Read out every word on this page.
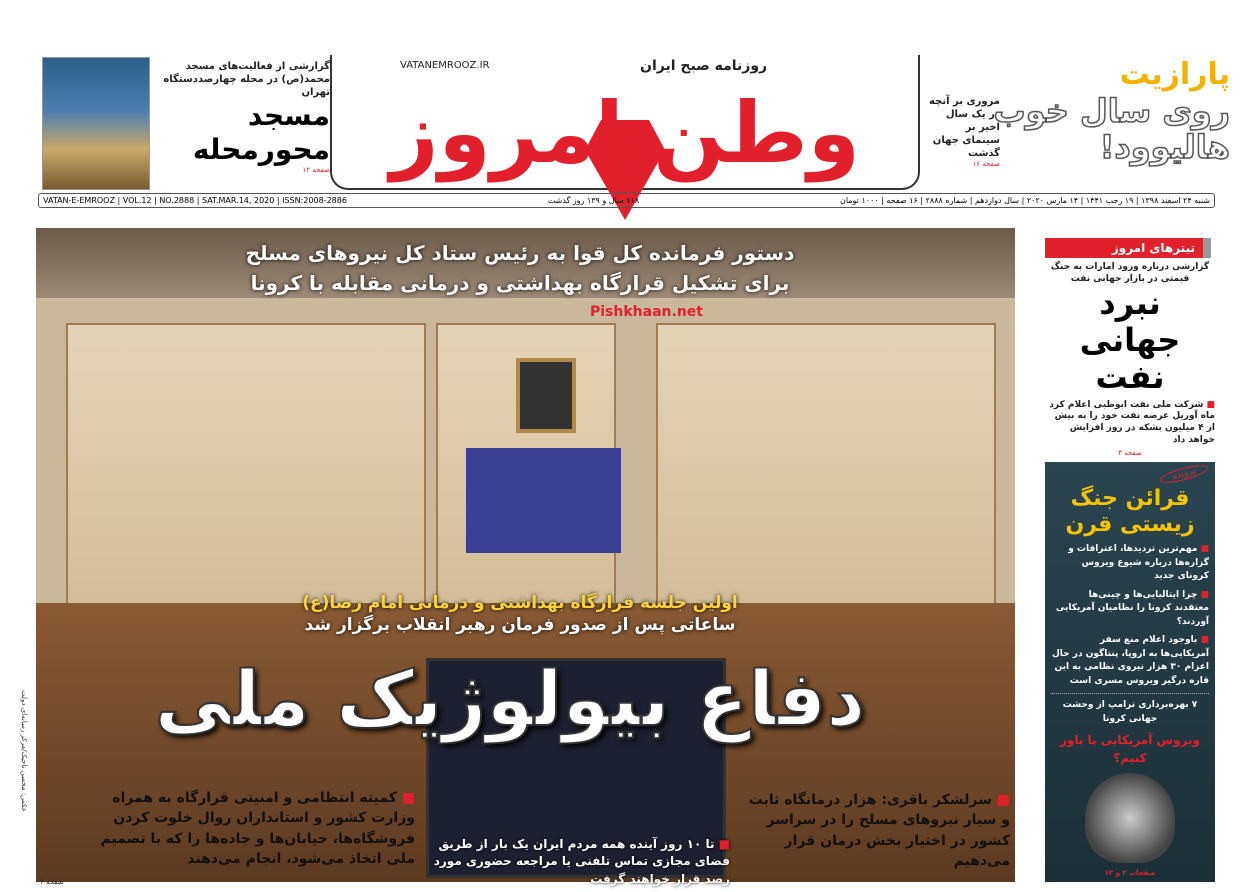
گزارشی از فعالیت‌های مسجد محمد(ص) در محله چهارصددستگاه تهران
مسجد
محورمحله
صفحه ۱۲ وطن امروز
روزنامه صبح ایران
VATANEMROOZ.IR
مروری بر آنچه در یک سال اخیر بر سینمای جهان گذشت
صفحه ۱۶
پارازیت
روی سال خوب
هالیوود!
شنبه ۲۴ اسفند ۱۳۹۸ | ۱۹ رجب ۱۴۴۱ | ۱۴ مارس ۲۰۲۰ | سال دوازدهم | شماره ۲۸۸۸ | ۱۶ صفحه | ۱۰۰۰ تومان
۱۱۸ سال و ۱۳۹ روز گذشت
VATAN-E-EMROOZ | VOL.12 | NO.2888 | SAT.MAR.14, 2020 | ISSN:2008-2886
دستور فرمانده کل قوا به رئیس ستاد کل نیروهای مسلح
برای تشکیل قرارگاه بهداشتی و درمانی مقابله با کرونا
Pishkhaan.net
اولین جلسه قرارگاه بهداشتی و درمانی امام رضا(ع)
ساعاتی پس از صدور فرمان رهبر انقلاب برگزار شد
دفاع بیولوژیک ملی
■ کمیته انتظامی و امنیتی قرارگاه به همراه وزارت کشور و استانداران روال خلوت کردن فروشگاه‌ها، خیابان‌ها و جاده‌ها را که با تصمیم ملی اتخاذ می‌شود، انجام می‌دهند
صفحه ۲
■ تا ۱۰ روز آینده همه مردم ایران یک بار از طریق فضای مجازی تماس تلفنی یا مراجعه حضوری مورد رصد قرار خواهند گرفت
■ سرلشکر باقری: هزار درمانگاه ثابت و سیار نیروهای مسلح را در سراسر کشور در اختیار بخش درمان قرار می‌دهیم
عکس: محسن تاجیک/مرکز رسانه‌ای دولت
تیترهای امروز
گزارشی درباره ورود امارات به جنگ قیمتی در بازار جهانی نفت
نبرد جهانی نفت
■ شرکت ملی نفت ابوظبی اعلام کرد ماه آوریل عرضه نفت خود را به بیش از ۴ میلیون بشکه در روز افزایش خواهد داد
صفحه ۳
پرونده
قرائن جنگ زیستی قرن

■ مهم‌ترین تردیدها، اعترافات و گزاره‌ها درباره شیوع ویروس کرونای جدید

■ چرا ایتالیایی‌ها و چینی‌ها معتقدند کرونا را نظامیان آمریکایی آوردند؟

■ باوجود اعلام منع سفر آمریکایی‌ها به اروپا، پنتاگون در حال اعزام ۳۰ هزار نیروی نظامی به این قاره درگیر ویروس مسری است

۷ بهره‌برداری ترامپ از وحشت جهانی کرونا

ویروس آمریکایی یا باور کنیم؟

صفحات ۲ و ۱۳
